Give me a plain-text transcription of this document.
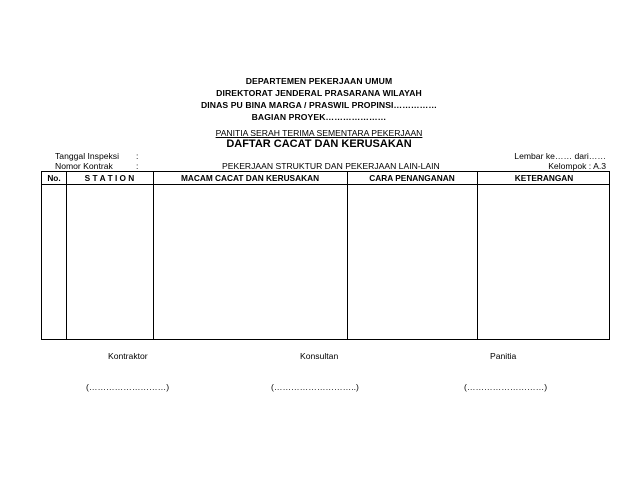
DEPARTEMEN PEKERJAAN UMUM
DIREKTORAT JENDERAL PRASARANA WILAYAH
DINAS PU BINA MARGA / PRASWIL PROPINSI……………
BAGIAN PROYEK…………………
PANITIA SERAH TERIMA SEMENTARA PEKERJAAN
DAFTAR CACAT DAN KERUSAKAN
Tanggal Inspeksi :
Nomor Kontrak	:
Lembar ke…… dari……
PEKERJAAN STRUKTUR DAN PEKERJAAN LAIN-LAIN	Kelompok : A.3
No.	S T A T I O N	MACAM CACAT DAN KERUSAKAN	CARA PENANGANAN	KETERANGAN
Kontraktor	Konsultan	Panitia
(………………………)	(………………………..)	(………………………)
